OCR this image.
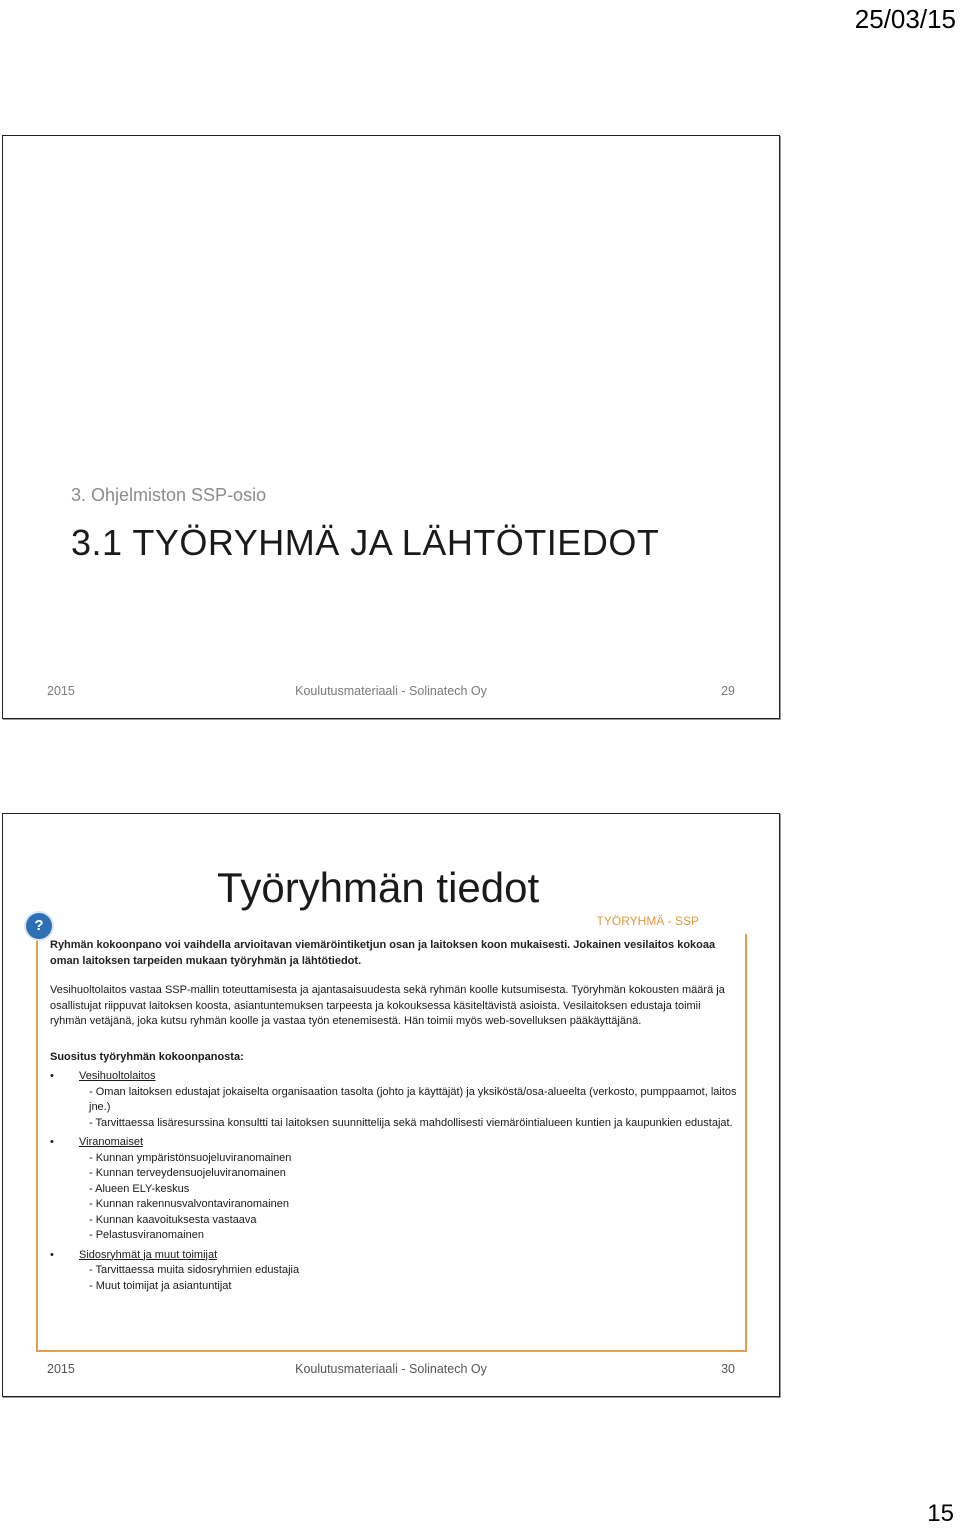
25/03/15
3. Ohjelmiston SSP-osio
3.1 TYÖRYHMÄ JA LÄHTÖTIEDOT
2015	Koulutusmateriaali - Solinatech Oy	29
Työryhmän tiedot
TYÖRYHMÄ - SSP
?

Ryhmän kokoonpano voi vaihdella arvioitavan viemäröintiketjun osan ja laitoksen koon mukaisesti. Jokainen vesilaitos kokoaa oman laitoksen tarpeiden mukaan työryhmän ja lähtötiedot.

Vesihuoltolaitos vastaa SSP-mallin toteuttamisesta ja ajantasaisuudesta sekä ryhmän koolle kutsumisesta. Työryhmän kokousten määrä ja osallistujat riippuvat laitoksen koosta, asiantuntemuksen tarpeesta ja kokouksessa käsiteltävistä asioista. Vesilaitoksen edustaja toimii ryhmän vetäjänä, joka kutsu ryhmän koolle ja vastaa työn etenemisestä. Hän toimii myös web-sovelluksen pääkäyttäjänä.

Suositus työryhmän kokoonpanosta:

• Vesihuoltolaitos

- Oman laitoksen edustajat jokaiselta organisaation tasolta (johto ja käyttäjät) ja yksiköstä/osa-alueelta (verkosto, pumppaamot, laitos jne.)

- Tarvittaessa lisäresurssina konsultti tai laitoksen suunnittelija sekä mahdollisesti viemäröintialueen kuntien ja kaupunkien edustajat.

• Viranomaiset

- Kunnan ympäristönsuojeluviranomainen

- Kunnan terveydensuojeluviranomainen

- Alueen ELY-keskus

- Kunnan rakennusvalvontaviranomainen

- Kunnan kaavoituksesta vastaava

- Pelastusviranomainen

• Sidosryhmät ja muut toimijat

- Tarvittaessa muita sidosryhmien edustajia

- Muut toimijat ja asiantuntijat

2015	Koulutusmateriaali - Solinatech Oy	30
15
